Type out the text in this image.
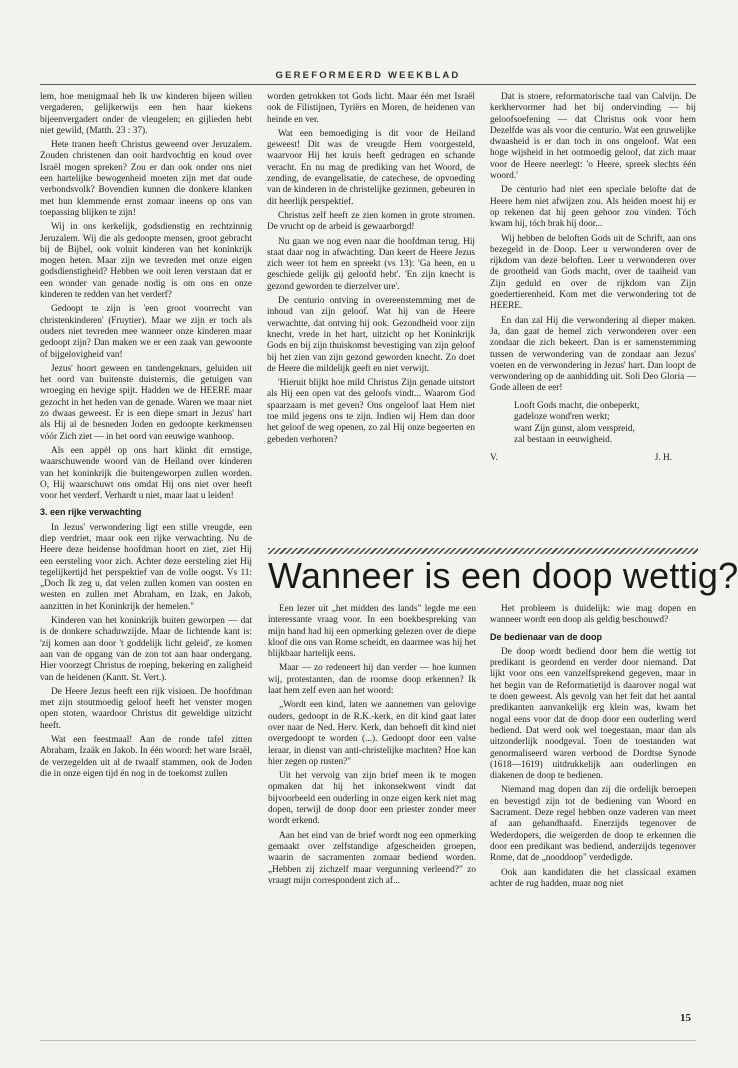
GEREFORMEERD WEEKBLAD

lem, hoe menigmaal heb Ik uw kinderen bijeen willen vergaderen, gelijkerwijs een hen haar kiekens bijeenvergadert onder de vleugelen; en gijlieden hebt niet gewild, (Matth. 23 : 37).

Hete tranen heeft Christus geweend over Jeruzalem. Zouden christenen dan ooit hardvochtig en koud over Israël mogen spreken? Zou er dan ook onder ons niet een hartelijke bewogenheid moeten zijn met dat oude verbondsvolk? Bovendien kunnen die donkere klanken met hun klemmende ernst zomaar ineens op ons van toepassing blijken te zijn!

Wij in ons kerkelijk, godsdienstig en rechtzinnig Jeruzalem. Wij die als gedoopte mensen, groot gebracht bij de Bijbel, ook voluit kinderen van het koninkrijk mogen heten. Maar zijn we tevreden met onze eigen godsdienstigheid? Hebben we ooit leren verstaan dat er een wonder van genade nodig is om ons en onze kinderen te redden van het verderf?

Gedoopt te zijn is 'een groot voorrecht van christenkinderen' (Fruytier). Maar we zijn er toch als ouders niet tevreden mee wanneer onze kinderen maar gedoopt zijn? Dan maken we er een zaak van gewoonte of bijgelovigheid van!

Jezus' hoort geween en tandengeknars, geluiden uit het oord van buitenste duisternis, die getuigen van wroeging en hevige spijt. Hadden we de HEERE maar gezocht in het heden van de genade. Waren we maar niet zo dwaas geweest. Er is een diepe smart in Jezus' hart als Hij al de besneden Joden en gedoopte kerkmensen vóór Zich ziet — in het oord van eeuwige wanhoop.

Als een appèl op ons hart klinkt dit ernstige, waarschuwende woord van de Heiland over kinderen van het koninkrijk die buitengeworpen zullen worden. O, Hij waarschuwt ons omdat Hij ons niet over heeft voor het verderf. Verhardt u niet, maar laat u leiden!

3. een rijke verwachting

In Jezus' verwondering ligt een stille vreugde, een diep verdriet, maar ook een rijke verwachting. Nu de Heere deze heidense hoofdman hoort en ziet, ziet Hij een eersteling voor zich. Achter deze eersteling ziet Hij tegelijkertijd het perspektief van de volle oogst. Vs 11: „Doch Ik zeg u, dat velen zullen komen van oosten en westen en zullen met Abraham, en Izak, en Jakob, aanzitten in het Koninkrijk der hemelen."

Kinderen van het koninkrijk buiten geworpen — dat is de donkere schaduwzijde. Maar de lichtende kant is: 'zij komen aan door 't goddelijk licht geleid', ze komen aan van de opgang van de zon tot aan haar ondergang. Hier voorzegt Christus de roeping, bekering en zaligheid van de heidenen (Kantt. St. Vert.).

De Heere Jezus heeft een rijk visioen. De hoofdman met zijn stoutmoedig geloof heeft het venster mogen open stoten, waardoor Christus dit geweldige uitzicht heeft.

Wat een feestmaal! Aan de ronde tafel zitten Abraham, Izaäk en Jakob. In één woord: het ware Israël, de verzegelden uit al de twaalf stammen, ook de Joden die in onze eigen tijd én nog in de toekomst zullen

worden getrokken tot Gods licht. Maar één met Israël ook de Filistijnen, Tyriërs en Moren, de heidenen van heinde en ver.

Wat een bemoediging is dit voor de Heiland geweest! Dit was de vreugde Hem voorgesteld, waarvoor Hij het kruis heeft gedragen en schande veracht. En nu mag de prediking van het Woord, de zending, de evangelisatie, de catechese, de opvoeding van de kinderen in de christelijke gezinnen, gebeuren in dit heerlijk perspektief.

Christus zelf heeft ze zien komen in grote stromen. De vrucht op de arbeid is gewaarborgd!

Nu gaan we nog even naar die hoofdman terug. Hij staat daar nog in afwachting. Dan keert de Heere Jezus zich weer tot hem en spreekt (vs 13): 'Ga heen, en u geschiede gelijk gij geloofd hebt'. 'En zijn knecht is gezond geworden te dierzelver ure'.

De centurio ontving in overeenstemming met de inhoud van zijn geloof. Wat hij van de Heere verwachtte, dat ontving hij ook. Gezondheid voor zijn knecht, vrede in het hart, uitzicht op het Koninkrijk Gods en bij zijn thuiskomst bevestiging van zijn geloof bij het zien van zijn gezond geworden knecht. Zo doet de Heere die mildelijk geeft en niet verwijt.

'Hieruit blijkt hoe mild Christus Zijn genade uitstort als Hij een open vat des geloofs vindt... Waarom God spaarzaam is met geven? Ons ongeloof laat Hem niet toe mild jegens ons te zijn. Indien wij Hem dan door het geloof de weg openen, zo zal Hij onze begeerten en gebeden verhoren?

Dat is stoere, reformatorische taal van Calvijn. De kerkhervormer had het bij ondervinding — bij geloofsoefening — dat Christus ook voor hem Dezelfde was als voor die centurio. Wat een gruwelijke dwaasheid is er dan toch in ons ongeloof. Wat een hoge wijsheid in het ootmoedig geloof, dat zich maar voor de Heere neerlegt: 'o Heere, spreek slechts één woord.'

De centurio had niet een speciale belofte dat de Heere hem niet afwijzen zou. Als heiden moest hij er op rekenen dat hij geen gehoor zou vinden. Tóch kwam hij, tóch brak hij door...

Wij hebben de beloften Gods uit de Schrift, aan ons bezegeld in de Doop. Leer u verwonderen over de rijkdom van deze beloften. Leer u verwonderen over de grootheid van Gods macht, over de taaiheid van Zijn geduld en over de rijkdom van Zijn goedertierenheid. Kom met die verwondering tot de HEERE.

En dan zal Hij die verwondering al dieper maken. Ja, dan gaat de hemel zich verwonderen over een zondaar die zich bekeert. Dan is er samenstemming tussen de verwondering van de zondaar aan Jezus' voeten en de verwondering in Jezus' hart. Dan loopt de verwondering op de aanbidding uit. Soli Deo Gloria — Gode alleen de eer!

Looft Gods macht, die onbeperkt,
gadeloze wond'ren werkt;
want Zijn gunst, alom verspreid,
zal bestaan in eeuwigheid.
V.	J. H.
Wanneer is een doop wettig?

Een lezer uit „het midden des lands" legde me een interessante vraag voor. In een boekbespreking van mijn hand had hij een opmerking gelezen over de diepe kloof die ons van Rome scheidt, en daarmee was hij het blijkbaar hartelijk eens.

Maar — zo redeneert hij dan verder — hoe kunnen wij, protestanten, dan de roomse doop erkennen? Ik laat hem zelf even aan het woord:

„Wordt een kind, laten we aannemen van gelovige ouders, gedoopt in de R.K.-kerk, en dit kind gaat later over naar de Ned. Herv. Kerk, dan behoeft dit kind niet overgedoopt te worden (...). Gedoopt door een valse leraar, in dienst van anti-christelijke machten? Hoe kan hier zegen op rusten?"

Uit het vervolg van zijn brief meen ik te mogen opmaken dat hij het inkonsekwent vindt dat bijvoorbeeld een ouderling in onze eigen kerk niet mag dopen, terwijl de doop door een priester zonder meer wordt erkend.

Aan het eind van de brief wordt nog een opmerking gemaakt over zelfstandige afgescheiden groepen, waarin de sacramenten zomaar bediend worden. „Hebben zij zichzelf maar vergunning verleend?" zo vraagt mijn correspondent zich af...

Het probleem is duidelijk: wie mag dopen en wanneer wordt een doop als geldig beschouwd?

De bedienaar van de doop

De doop wordt bediend door hem die wettig tot predikant is geordend en verder door niemand. Dat lijkt voor ons een vanzelfsprekend gegeven, maar in het begin van de Reformatietijd is daarover nogal wat te doen geweest. Als gevolg van het feit dat het aantal predikanten aanvankelijk erg klein was, kwam het nogal eens voor dat de doop door een ouderling werd bediend. Dat werd ook wel toegestaan, maar dan als uitzonderlijk noodgeval. Toen de toestanden wat genormaliseerd waren verbood de Dordtse Synode (1618—1619) uitdrukkelijk aan ouderlingen en diakenen de doop te bedienen.

Niemand mag dopen dan zij die ordelijk beroepen en bevestigd zijn tot de bediening van Woord en Sacrament. Deze regel hebben onze vaderen van meet af aan gehandhaafd. Enerzijds tegenover de Wederdopers, die weigerden de doop te erkennen die door een predikant was bediend, anderzijds tegenover Rome, dat de „nooddoop" verdedigde.

Ook aan kandidaten die het classicaal examen achter de rug hadden, maar nog niet

15
